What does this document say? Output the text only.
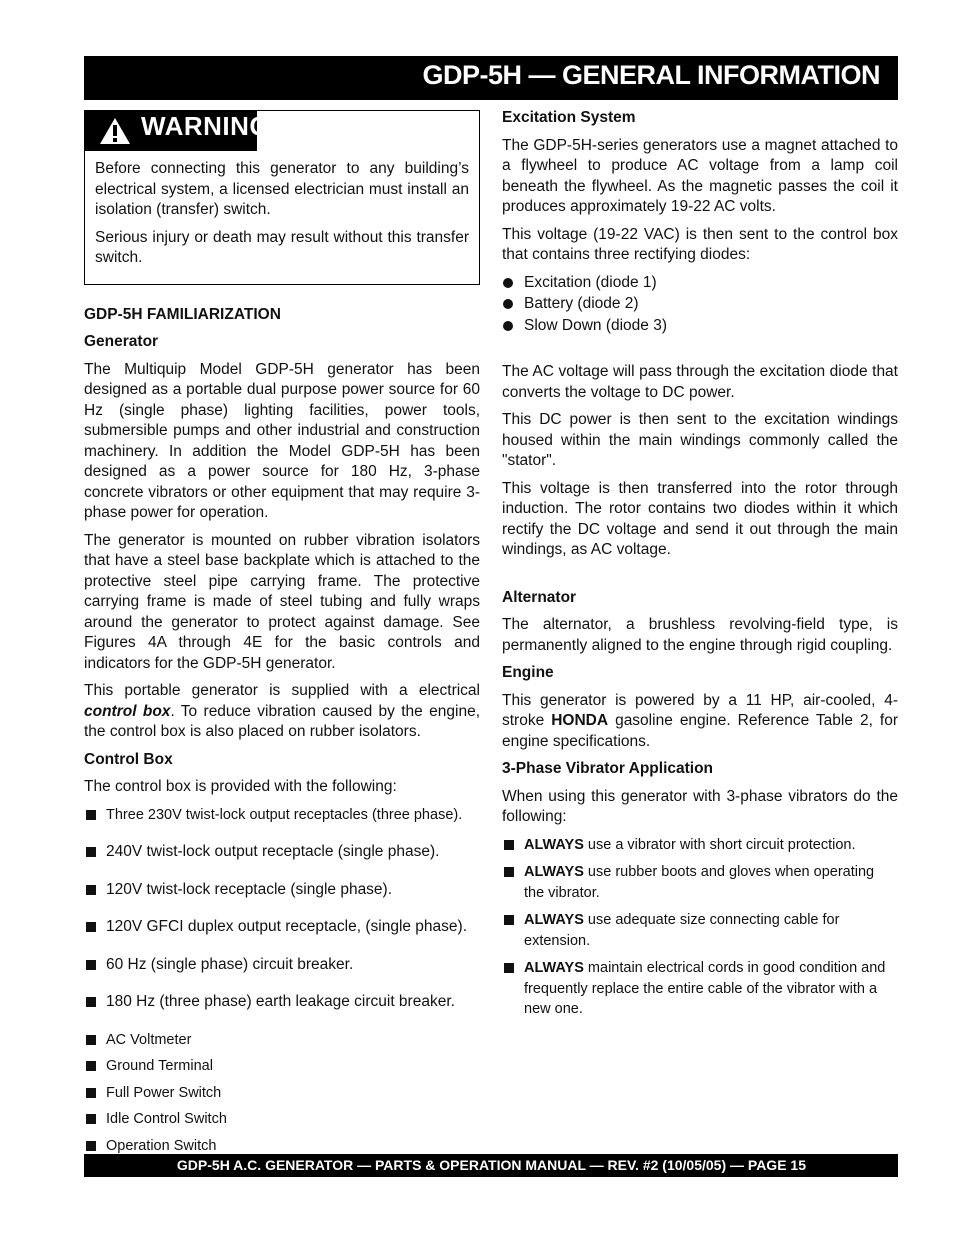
GDP-5H — GENERAL INFORMATION
WARNING

Before connecting this generator to any building’s electrical system, a licensed electrician must install an isolation (transfer) switch.

Serious injury or death may result without this transfer switch.

GDP-5H FAMILIARIZATION
Generator

The Multiquip Model GDP-5H generator has been designed as a portable dual purpose power source for 60 Hz (single phase) lighting facilities, power tools, submersible pumps and other industrial and construction machinery. In addition the Model GDP-5H has been designed as a power source for 180 Hz, 3-phase concrete vibrators or other equipment that may require 3-phase power for operation.

The generator is mounted on rubber vibration isolators that have a steel base backplate which is attached to the protective steel pipe carrying frame. The protective carrying frame is made of steel tubing and fully wraps around the generator to protect against damage. See Figures 4A through 4E for the basic controls and indicators for the GDP-5H generator.

This portable generator is supplied with a electrical control box. To reduce vibration caused by the engine, the control box is also placed on rubber isolators.

Control Box

The control box is provided with the following:

Three 230V twist-lock output receptacles (three phase).
240V twist-lock output receptacle (single phase).
120V twist-lock receptacle (single phase).
120V GFCI duplex output receptacle, (single phase).
60 Hz (single phase) circuit breaker.
180 Hz (three phase) earth leakage circuit breaker.
AC Voltmeter
Ground Terminal
Full Power Switch
Idle Control Switch
Operation Switch
Excitation System

The GDP-5H-series generators use a magnet attached to a flywheel to produce AC voltage from a lamp coil beneath the flywheel. As the magnetic passes the coil it produces approximately 19-22 AC volts.

This voltage (19-22 VAC) is then sent to the control box that contains three rectifying diodes:

Excitation (diode 1)
Battery (diode 2)
Slow Down (diode 3)

The AC voltage will pass through the excitation diode that converts the voltage to DC power.

This DC power is then sent to the excitation windings housed within the main windings commonly called the "stator".

This voltage is then transferred into the rotor through induction. The rotor contains two diodes within it which rectify the DC voltage and send it out through the main windings, as AC voltage.

Alternator

The alternator, a brushless revolving-field type, is permanently aligned to the engine through rigid coupling.

Engine

This generator is powered by a 11 HP, air-cooled, 4-stroke HONDA gasoline engine. Reference Table 2, for engine specifications.

3-Phase Vibrator Application

When using this generator with 3-phase vibrators do the following:

ALWAYS use a vibrator with short circuit protection.
ALWAYS use rubber boots and gloves when operating the vibrator.
ALWAYS use adequate size connecting cable for extension.
ALWAYS maintain electrical cords in good condition and frequently replace the entire cable of the vibrator with a new one.
GDP-5H A.C. GENERATOR — PARTS & OPERATION MANUAL — REV. #2 (10/05/05) — PAGE 15
